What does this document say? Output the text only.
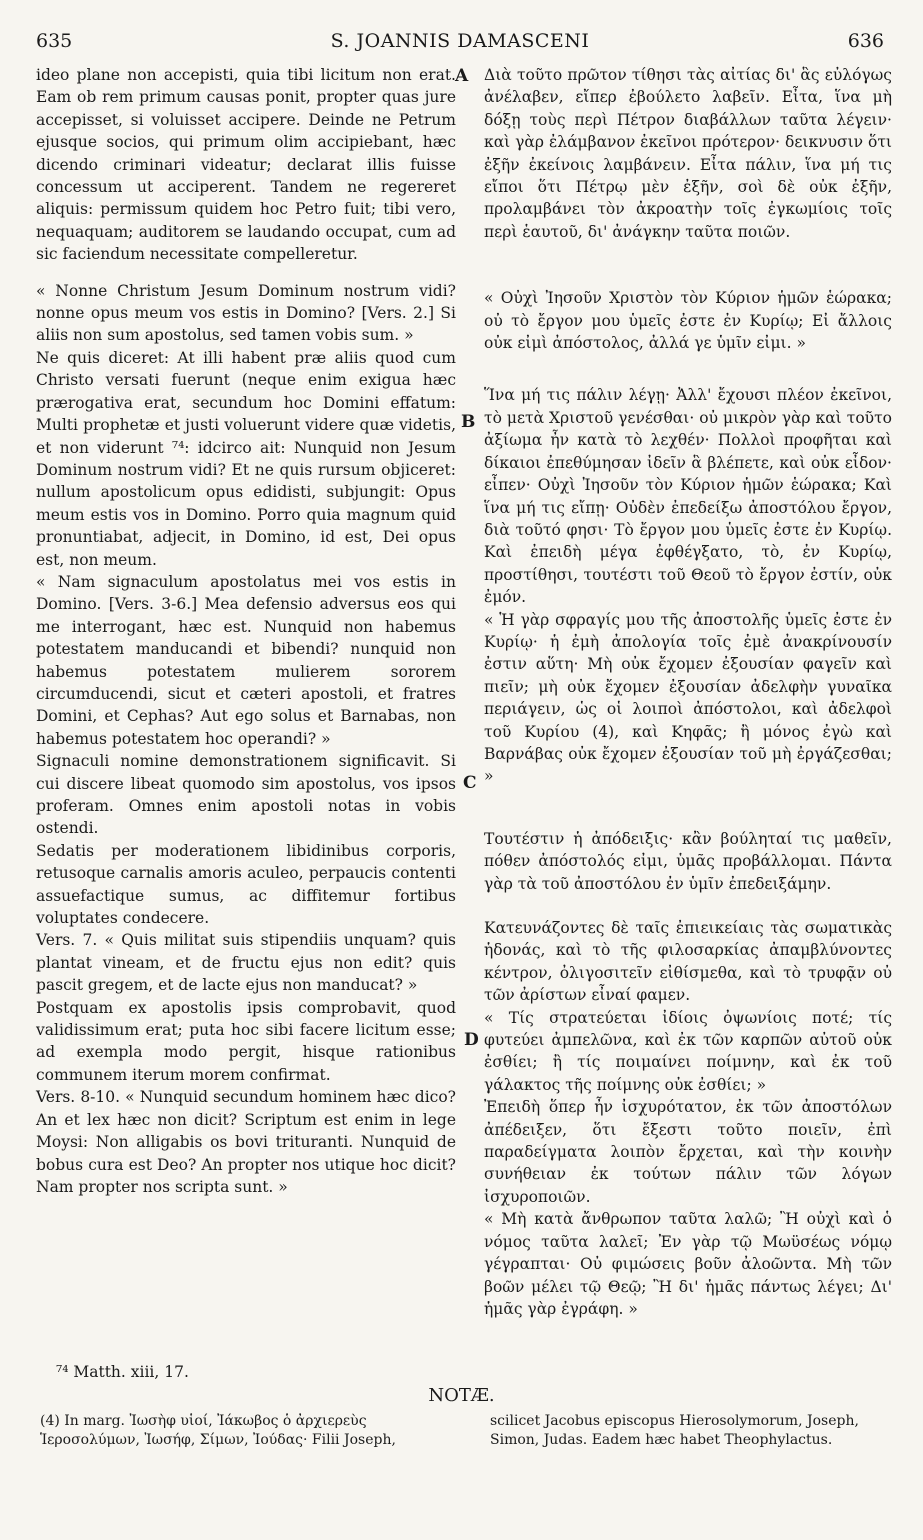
635	S. JOANNIS DAMASCENI	636
A
B
C
D

ideo plane non accepisti, quia tibi licitum non erat. Eam ob rem primum causas ponit, propter quas jure accepisset, si voluisset accipere. Deinde ne Petrum ejusque socios, qui primum olim accipiebant, hæc dicendo criminari videatur; declarat illis fuisse concessum ut acciperent. Tandem ne regereret aliquis: permissum quidem hoc Petro fuit; tibi vero, nequaquam; auditorem se laudando occupat, cum ad sic faciendum necessitate compelleretur.

« Nonne Christum Jesum Dominum nostrum vidi? nonne opus meum vos estis in Domino? [Vers. 2.] Si aliis non sum apostolus, sed tamen vobis sum. »

Ne quis diceret: At illi habent præ aliis quod cum Christo versati fuerunt (neque enim exigua hæc prærogativa erat, secundum hoc Domini effatum: Multi prophetæ et justi voluerunt videre quæ videtis, et non viderunt ⁷⁴: idcirco ait: Nunquid non Jesum Dominum nostrum vidi? Et ne quis rursum objiceret: nullum apostolicum opus edidisti, subjungit: Opus meum estis vos in Domino. Porro quia magnum quid pronuntiabat, adjecit, in Domino, id est, Dei opus est, non meum.

« Nam signaculum apostolatus mei vos estis in Domino. [Vers. 3-6.] Mea defensio adversus eos qui me interrogant, hæc est. Nunquid non habemus potestatem manducandi et bibendi? nunquid non habemus potestatem mulierem sororem circumducendi, sicut et cæteri apostoli, et fratres Domini, et Cephas? Aut ego solus et Barnabas, non habemus potestatem hoc operandi? »

Signaculi nomine demonstrationem significavit. Si cui discere libeat quomodo sim apostolus, vos ipsos proferam. Omnes enim apostoli notas in vobis ostendi.

Sedatis per moderationem libidinibus corporis, retusoque carnalis amoris aculeo, perpaucis contenti assuefactique sumus, ac diffitemur fortibus voluptates condecere.

Vers. 7. « Quis militat suis stipendiis unquam? quis plantat vineam, et de fructu ejus non edit? quis pascit gregem, et de lacte ejus non manducat? »

Postquam ex apostolis ipsis comprobavit, quod validissimum erat; puta hoc sibi facere licitum esse; ad exempla modo pergit, hisque rationibus communem iterum morem confirmat.

Vers. 8-10. « Nunquid secundum hominem hæc dico? An et lex hæc non dicit? Scriptum est enim in lege Moysi: Non alligabis os bovi trituranti. Nunquid de bobus cura est Deo? An propter nos utique hoc dicit? Nam propter nos scripta sunt. »

Διὰ τοῦτο πρῶτον τίθησι τὰς αἰτίας δι' ἃς εὐλόγως ἀνέλαβεν, εἴπερ ἐβούλετο λαβεῖν. Εἶτα, ἵνα μὴ δόξῃ τοὺς περὶ Πέτρον διαβάλλων ταῦτα λέγειν· καὶ γὰρ ἐλάμβανον ἐκεῖνοι πρότερον· δεικνυσιν ὅτι ἐξῆν ἐκείνοις λαμβάνειν. Εἶτα πάλιν, ἵνα μή τις εἴποι ὅτι Πέτρῳ μὲν ἐξῆν, σοὶ δὲ οὐκ ἐξῆν, προλαμβάνει τὸν ἀκροατὴν τοῖς ἐγκωμίοις τοῖς περὶ ἑαυτοῦ, δι' ἀνάγκην ταῦτα ποιῶν.

« Οὐχὶ Ἰησοῦν Χριστὸν τὸν Κύριον ἡμῶν ἑώρακα; οὐ τὸ ἔργον μου ὑμεῖς ἐστε ἐν Κυρίῳ; Εἰ ἄλλοις οὐκ εἰμὶ ἀπόστολος, ἀλλά γε ὑμῖν εἰμι. »

Ἵνα μή τις πάλιν λέγῃ· Ἀλλ' ἔχουσι πλέον ἐκεῖνοι, τὸ μετὰ Χριστοῦ γενέσθαι· οὐ μικρὸν γὰρ καὶ τοῦτο ἀξίωμα ἦν κατὰ τὸ λεχθέν· Πολλοὶ προφῆται καὶ δίκαιοι ἐπεθύμησαν ἰδεῖν ἃ βλέπετε, καὶ οὐκ εἶδον· εἶπεν· Οὐχὶ Ἰησοῦν τὸν Κύριον ἡμῶν ἑώρακα; Καὶ ἵνα μή τις εἴπῃ· Οὐδὲν ἐπεδείξω ἀποστόλου ἔργον, διὰ τοῦτό φησι· Τὸ ἔργον μου ὑμεῖς ἐστε ἐν Κυρίῳ. Καὶ ἐπειδὴ μέγα ἐφθέγξατο, τὸ, ἐν Κυρίῳ, προστίθησι, τουτέστι τοῦ Θεοῦ τὸ ἔργον ἐστίν, οὐκ ἐμόν.

« Ἡ γὰρ σφραγίς μου τῆς ἀποστολῆς ὑμεῖς ἐστε ἐν Κυρίῳ· ἡ ἐμὴ ἀπολογία τοῖς ἐμὲ ἀνακρίνουσίν ἐστιν αὕτη· Μὴ οὐκ ἔχομεν ἐξουσίαν φαγεῖν καὶ πιεῖν; μὴ οὐκ ἔχομεν ἐξουσίαν ἀδελφὴν γυναῖκα περιάγειν, ὡς οἱ λοιποὶ ἀπόστολοι, καὶ ἀδελφοὶ τοῦ Κυρίου (4), καὶ Κηφᾶς; ἢ μόνος ἐγὼ καὶ Βαρνάβας οὐκ ἔχομεν ἐξουσίαν τοῦ μὴ ἐργάζεσθαι; »

Τουτέστιν ἡ ἀπόδειξις· κἂν βούληταί τις μαθεῖν, πόθεν ἀπόστολός εἰμι, ὑμᾶς προβάλλομαι. Πάντα γὰρ τὰ τοῦ ἀποστόλου ἐν ὑμῖν ἐπεδειξάμην.

Κατευνάζοντες δὲ ταῖς ἐπιεικείαις τὰς σωματικὰς ἡδονάς, καὶ τὸ τῆς φιλοσαρκίας ἀπαμβλύνοντες κέντρον, ὀλιγοσιτεῖν εἰθίσμεθα, καὶ τὸ τρυφᾷν οὐ τῶν ἀρίστων εἶναί φαμεν.

« Τίς στρατεύεται ἰδίοις ὀψωνίοις ποτέ; τίς φυτεύει ἀμπελῶνα, καὶ ἐκ τῶν καρπῶν αὐτοῦ οὐκ ἐσθίει; ἢ τίς ποιμαίνει ποίμνην, καὶ ἐκ τοῦ γάλακτος τῆς ποίμνης οὐκ ἐσθίει; »

Ἐπειδὴ ὅπερ ἦν ἰσχυρότατον, ἐκ τῶν ἀποστόλων ἀπέδειξεν, ὅτι ἔξεστι τοῦτο ποιεῖν, ἐπὶ παραδείγματα λοιπὸν ἔρχεται, καὶ τὴν κοινὴν συνήθειαν ἐκ τούτων πάλιν τῶν λόγων ἰσχυροποιῶν.

« Μὴ κατὰ ἄνθρωπον ταῦτα λαλῶ; Ἢ οὐχὶ καὶ ὁ νόμος ταῦτα λαλεῖ; Ἐν γὰρ τῷ Μωϋσέως νόμῳ γέγραπται· Οὐ φιμώσεις βοῦν ἀλοῶντα. Μὴ τῶν βοῶν μέλει τῷ Θεῷ; Ἢ δι' ἡμᾶς πάντως λέγει; Δι' ἡμᾶς γὰρ ἐγράφη. »

⁷⁴ Matth. xiii, 17.
NOTÆ.
(4) In marg. Ἰωσὴφ υἱοί, Ἰάκωβος ὁ ἀρχιερεὺς Ἱεροσολύμων, Ἰωσήφ, Σίμων, Ἰούδας· Filii Joseph,
scilicet Jacobus episcopus Hierosolymorum, Joseph, Simon, Judas. Eadem hæc habet Theophylactus.
